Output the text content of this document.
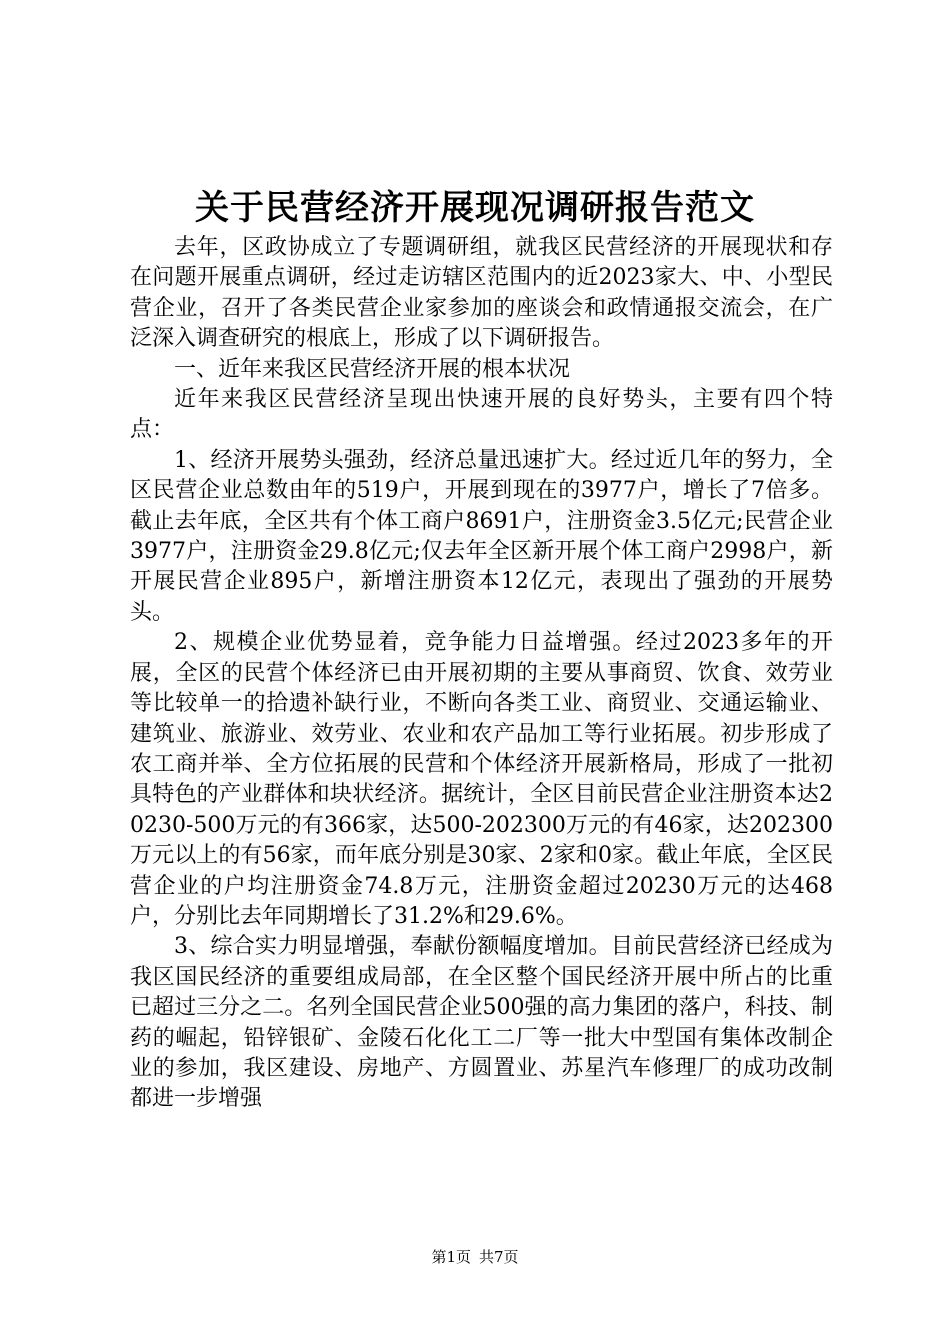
关于民营经济开展现况调研报告范文

去年，区政协成立了专题调研组，就我区民营经济的开展现状和存在问题开展重点调研，经过走访辖区范围内的近2023家大、中、小型民营企业，召开了各类民营企业家参加的座谈会和政情通报交流会，在广泛深入调查研究的根底上，形成了以下调研报告。

一、近年来我区民营经济开展的根本状况

近年来我区民营经济呈现出快速开展的良好势头，主要有四个特点：

1、经济开展势头强劲，经济总量迅速扩大。经过近几年的努力，全区民营企业总数由年的519户，开展到现在的3977户，增长了7倍多。截止去年底，全区共有个体工商户8691户，注册资金3.5亿元;民营企业3977户，注册资金29.8亿元;仅去年全区新开展个体工商户2998户，新开展民营企业895户，新增注册资本12亿元，表现出了强劲的开展势头。

2、规模企业优势显着，竞争能力日益增强。经过2023多年的开展，全区的民营个体经济已由开展初期的主要从事商贸、饮食、效劳业等比较单一的拾遗补缺行业，不断向各类工业、商贸业、交通运输业、建筑业、旅游业、效劳业、农业和农产品加工等行业拓展。初步形成了农工商并举、全方位拓展的民营和个体经济开展新格局，形成了一批初具特色的产业群体和块状经济。据统计，全区目前民营企业注册资本达20230-500万元的有366家，达500-202300万元的有46家，达202300万元以上的有56家，而年底分别是30家、2家和0家。截止年底，全区民营企业的户均注册资金74.8万元，注册资金超过20230万元的达468户，分别比去年同期增长了31.2%和29.6%。

3、综合实力明显增强，奉献份额幅度增加。目前民营经济已经成为我区国民经济的重要组成局部，在全区整个国民经济开展中所占的比重已超过三分之二。名列全国民营企业500强的高力集团的落户，科技、制药的崛起，铅锌银矿、金陵石化化工二厂等一批大中型国有集体改制企业的参加，我区建设、房地产、方圆置业、苏星汽车修理厂的成功改制都进一步增强

第1页 共7页
